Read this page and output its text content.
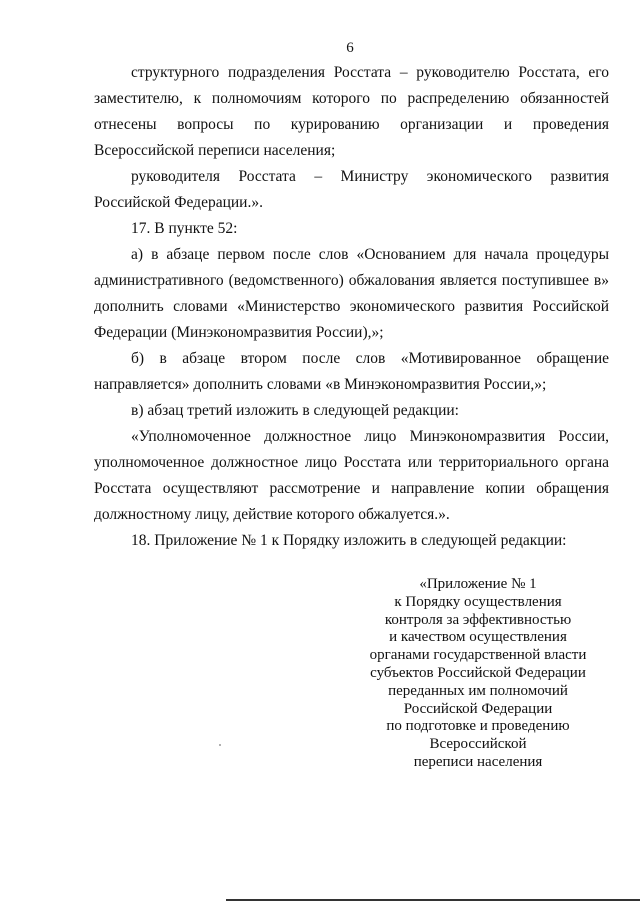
6

структурного подразделения Росстата – руководителю Росстата, его заместителю, к полномочиям которого по распределению обязанностей отнесены вопросы по курированию организации и проведения Всероссийской переписи населения;

руководителя Росстата – Министру экономического развития Российской Федерации.».

17. В пункте 52:

а) в абзаце первом после слов «Основанием для начала процедуры административного (ведомственного) обжалования является поступившее в» дополнить словами «Министерство экономического развития Российской Федерации (Минэкономразвития России),»;

б) в абзаце втором после слов «Мотивированное обращение направляется» дополнить словами «в Минэкономразвития России,»;

в) абзац третий изложить в следующей редакции:

«Уполномоченное должностное лицо Минэкономразвития России, уполномоченное должностное лицо Росстата или территориального органа Росстата осуществляют рассмотрение и направление копии обращения должностному лицу, действие которого обжалуется.».

18. Приложение № 1 к Порядку изложить в следующей редакции:

«Приложение № 1
к Порядку осуществления
контроля за эффективностью
и качеством осуществления
органами государственной власти
субъектов Российской Федерации
переданных им полномочий
Российской Федерации
по подготовке и проведению
Всероссийской
переписи населения
